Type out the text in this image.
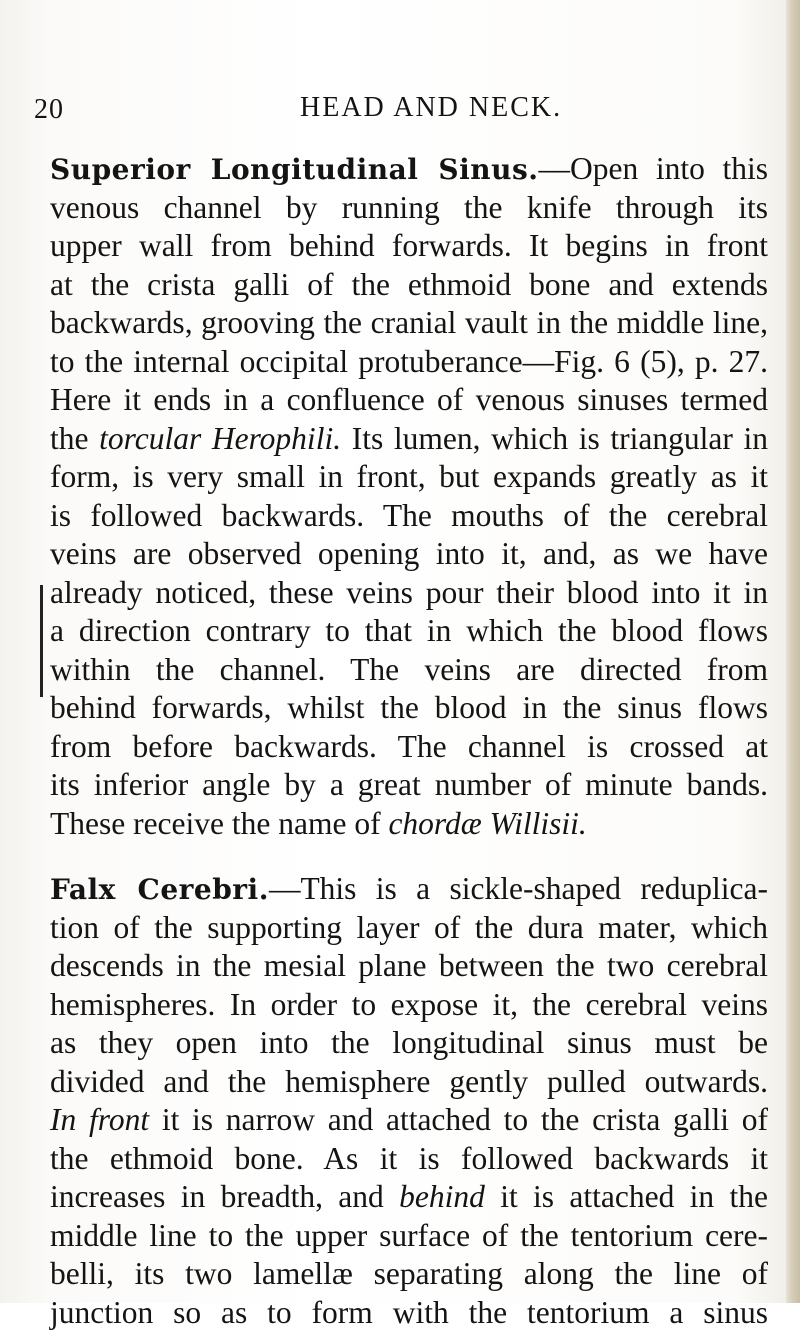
20	HEAD AND NECK.
Superior Longitudinal Sinus.—Open into this
venous channel by running the knife through its
upper wall from behind forwards. It begins in front
at the crista galli of the ethmoid bone and extends
backwards, grooving the cranial vault in the middle line,
to the internal occipital protuberance—Fig. 6 (5), p. 27.
Here it ends in a confluence of venous sinuses termed
the torcular Herophili. Its lumen, which is triangular in
form, is very small in front, but expands greatly as it
is followed backwards. The mouths of the cerebral
veins are observed opening into it, and, as we have
already noticed, these veins pour their blood into it in
a direction contrary to that in which the blood flows
within the channel. The veins are directed from
behind forwards, whilst the blood in the sinus flows
from before backwards. The channel is crossed at
its inferior angle by a great number of minute bands.
These receive the name of chordæ Willisii.
Falx Cerebri.—This is a sickle-shaped reduplica-
tion of the supporting layer of the dura mater, which
descends in the mesial plane between the two cerebral
hemispheres. In order to expose it, the cerebral veins
as they open into the longitudinal sinus must be
divided and the hemisphere gently pulled outwards.
In front it is narrow and attached to the crista galli of
the ethmoid bone. As it is followed backwards it
increases in breadth, and behind it is attached in the
middle line to the upper surface of the tentorium cere-
belli, its two lamellæ separating along the line of
junction so as to form with the tentorium a sinus
